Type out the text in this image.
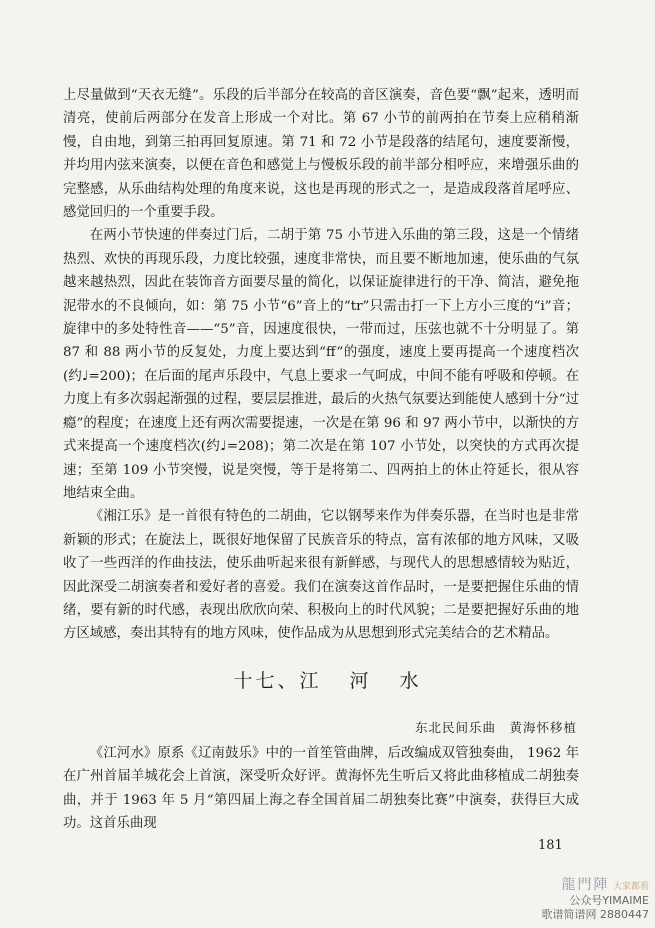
上尽量做到“天衣无缝”。乐段的后半部分在较高的音区演奏，音色要“飘”起来，透明而清亮，使前后两部分在发音上形成一个对比。第 67 小节的前两拍在节奏上应稍稍渐慢，自由地，到第三拍再回复原速。第 71 和 72 小节是段落的结尾句，速度要渐慢，并均用内弦来演奏，以便在音色和感觉上与慢板乐段的前半部分相呼应，来增强乐曲的完整感，从乐曲结构处理的角度来说，这也是再现的形式之一，是造成段落首尾呼应、感觉回归的一个重要手段。

在两小节快速的伴奏过门后，二胡于第 75 小节进入乐曲的第三段，这是一个情绪热烈、欢快的再现乐段，力度比较强，速度非常快，而且要不断地加速，使乐曲的气氛越来越热烈，因此在装饰音方面要尽量的简化，以保证旋律进行的干净、简洁，避免拖泥带水的不良倾向，如：第 75 小节“6”音上的“tr”只需击打一下上方小三度的“i”音；旋律中的多处特性音——“5”音，因速度很快，一带而过，压弦也就不十分明显了。第 87 和 88 两小节的反复处，力度上要达到“ff”的强度，速度上要再提高一个速度档次(约♩=200)；在后面的尾声乐段中，气息上要求一气呵成，中间不能有呼吸和停顿。在力度上有多次弱起渐强的过程，要层层推进，最后的火热气氛要达到能使人感到十分“过瘾”的程度；在速度上还有两次需要提速，一次是在第 96 和 97 两小节中，以渐快的方式来提高一个速度档次(约♩=208)；第二次是在第 107 小节处，以突快的方式再次提速；至第 109 小节突慢，说是突慢，等于是将第二、四两拍上的休止符延长，很从容地结束全曲。

《湘江乐》是一首很有特色的二胡曲，它以钢琴来作为伴奏乐器，在当时也是非常新颖的形式；在旋法上，既很好地保留了民族音乐的特点，富有浓郁的地方风味，又吸收了一些西洋的作曲技法，使乐曲听起来很有新鲜感，与现代人的思想感情较为贴近，因此深受二胡演奏者和爱好者的喜爱。我们在演奏这首作品时，一是要把握住乐曲的情绪，要有新的时代感，表现出欣欣向荣、积极向上的时代风貌；二是要把握好乐曲的地方区域感，奏出其特有的地方风味，使作品成为从思想到形式完美结合的艺术精品。

十七、江 河 水
东北民间乐曲　黄海怀移植

《江河水》原系《辽南鼓乐》中的一首笙管曲牌，后改编成双管独奏曲， 1962 年在广州首届羊城花会上首演，深受听众好评。黄海怀先生听后又将此曲移植成二胡独奏曲，并于 1963 年 5 月“第四届上海之春全国首届二胡独奏比赛”中演奏，获得巨大成功。这首乐曲现

181
龍門陣 大家都看
公众号YIMAIME
歌谱简谱网 2880447
